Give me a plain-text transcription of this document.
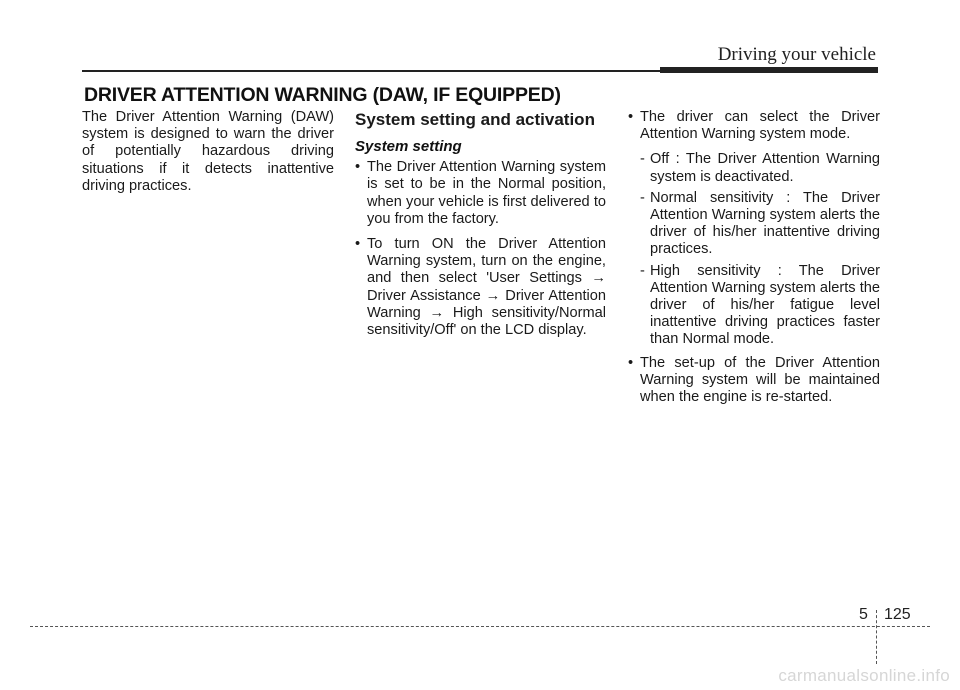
Driving your vehicle
DRIVER ATTENTION WARNING (DAW, IF EQUIPPED)

The Driver Attention Warning (DAW) system is designed to warn the driver of potentially hazardous driving situations if it detects inattentive driving practices.

System setting and activation
System setting
• The Driver Attention Warning system is set to be in the Normal position, when your vehicle is first delivered to you from the factory.
• To turn ON the Driver Attention Warning system, turn on the engine, and then select 'User Settings → Driver Assistance → Driver Attention Warning → High sensitivity/Normal sensitivity/Off' on the LCD display.
• The driver can select the Driver Attention Warning system mode.
- Off : The Driver Attention Warning system is deactivated.
- Normal sensitivity : The Driver Attention Warning system alerts the driver of his/her inattentive driving practices.
- High sensitivity : The Driver Attention Warning system alerts the driver of his/her fatigue level inattentive driving practices faster than Normal mode.
• The set-up of the Driver Attention Warning system will be maintained when the engine is re-started.
5 125
carmanualsonline.info
